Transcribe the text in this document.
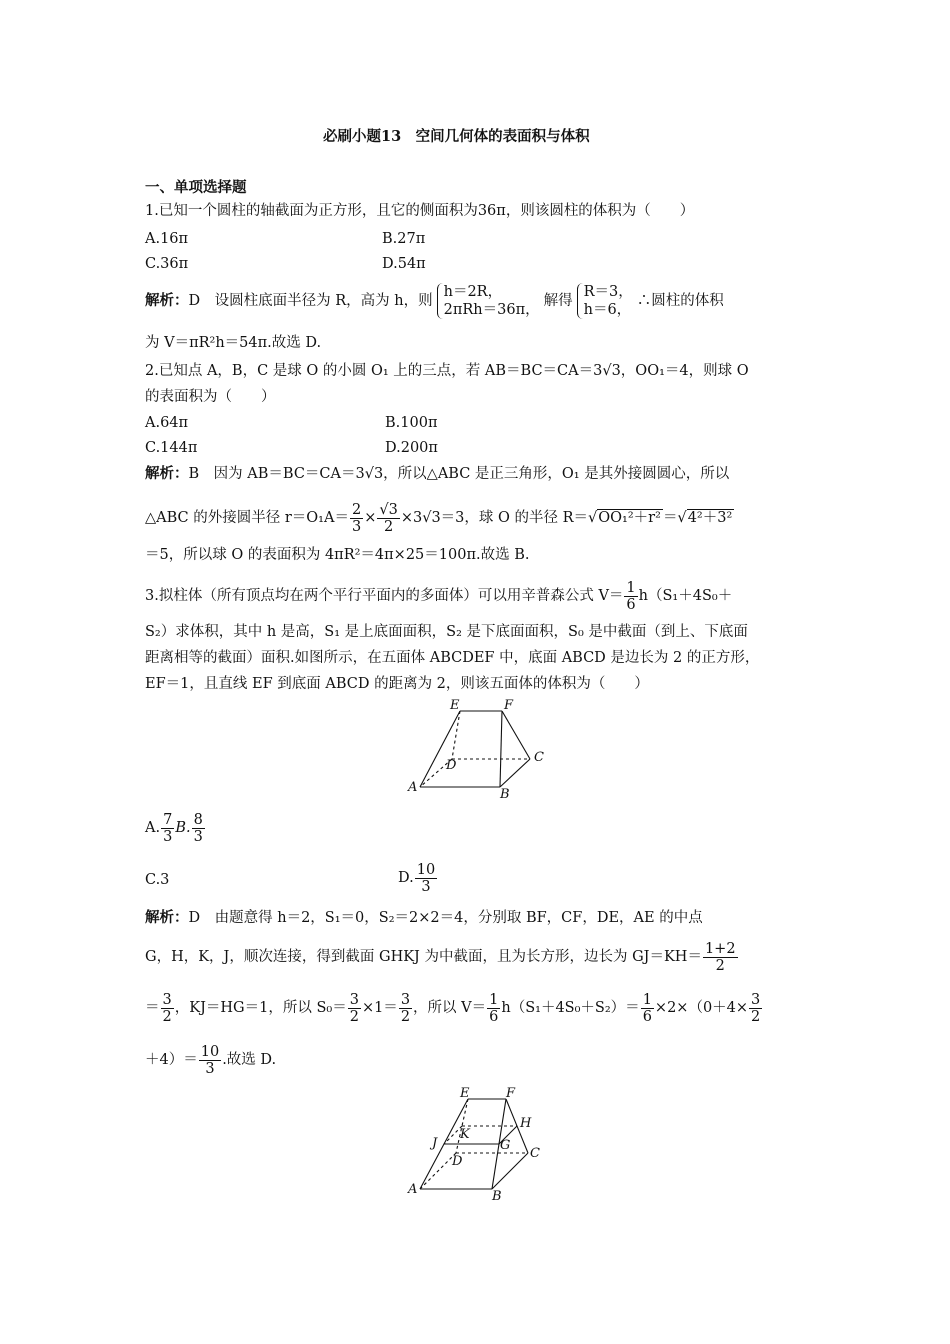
必刷小题13　空间几何体的表面积与体积
一、单项选择题
1.已知一个圆柱的轴截面为正方形，且它的侧面积为36π，则该圆柱的体积为（　　）
A.16π	B.27π
C.36π	D.54π
解析：D　设圆柱底面半径为 R，高为 h，则
h＝2R，
2πRh＝36π，
解得
R＝3，
h＝6，
∴圆柱的体积
为 V＝πR²h＝54π.故选 D.
2.已知点 A，B，C 是球 O 的小圆 O₁ 上的三点，若 AB＝BC＝CA＝3√3，OO₁＝4，则球 O
的表面积为（　　）
A.64π	B.100π
C.144π	D.200π
解析：B　因为 AB＝BC＝CA＝3√3，所以△ABC 是正三角形，O₁ 是其外接圆圆心，所以
△ABC 的外接圆半径 $r=O_1A= \frac{2}{3} \times \frac{√3}{2} \times 3√3=3$，球 O 的半径 R＝√OO₁²＋r² ＝√4²＋3²
＝5，所以球 O 的表面积为 4πR²＝4π×25＝100π.故选 B.
3.拟柱体（所有顶点均在两个平行平面内的多面体）可以用辛普森公式 $V= \frac{1}{6} h(S_1+4S_0+$
S₂）求体积，其中 h 是高，S₁ 是上底面面积，S₂ 是下底面面积，S₀ 是中截面（到上、下底面
距离相等的截面）面积.如图所示，在五面体 ABCDEF 中，底面 ABCD 是边长为 2 的正方形，
EF＝1，且直线 EF 到底面 ABCD 的距离为 2，则该五面体的体积为（　　）
E	F
D
C
A	B
A. $\frac{7}{3} B$. $\frac{8}{3}$
C.3	D. $\frac{10}{3}$
解析：D　由题意得 h＝2，S₁＝0，S₂＝2×2＝4，分别取 BF，CF，DE，AE 的中点
G，H，K，J，顺次连接，得到截面 GHKJ 为中截面，且为长方形，边长为 $GJ=KH= \frac{1+2}{2}$
＝ $\frac{3}{2}$ ，KJ＝HG＝1，所以 $S_0= \frac{3}{2} \times 1= \frac{3}{2}$ ，所以 $V= \frac{1}{6} h(S_1+4S_0+S_2)= \frac{1}{6} \times 2\times(0+4\times \frac{3}{2}$
$+4)= \frac{10}{3}$ .故选 D.
E	F
H
J
K
G
D
C
A	B
